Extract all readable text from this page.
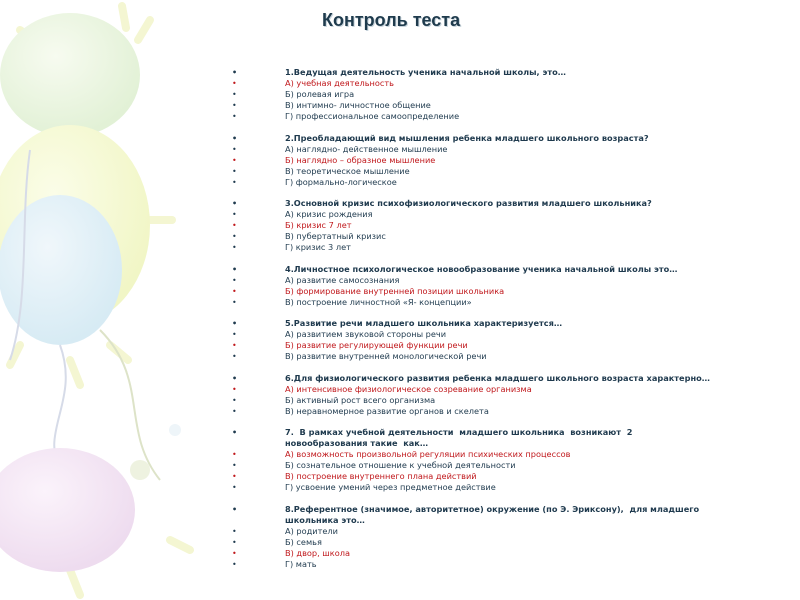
Контроль теста
•	1.Ведущая деятельность ученика начальной школы, это…
•	А) учебная деятельность
•	Б) ролевая игра
•	В) интимно- личностное общение
•	Г) профессиональное самоопределение
•	2.Преобладающий вид мышления ребенка младшего школьного возраста?
•	А) наглядно- действенное мышление
•	Б) наглядно – образное мышление
•	В) теоретическое мышление
•	Г) формально-логическое
•	3.Основной кризис психофизиологического развития младшего школьника?
•	А) кризис рождения
•	Б) кризис 7 лет
•	В) пубертатный кризис
•	Г) кризис 3 лет
•	4.Личностное психологическое новообразование ученика начальной школы это…
•	А) развитие самосознания
•	Б) формирование внутренней позиции школьника
•	В) построение личностной «Я- концепции»
•	5.Развитие речи младшего школьника характеризуется…
•	А) развитием звуковой стороны речи
•	Б) развитие регулирующей функции речи
•	В) развитие внутренней монологической речи
•	6.Для физиологического развития ребенка младшего школьного возраста характерно…
•	А) интенсивное физиологическое созревание организма
•	Б) активный рост всего организма
•	В) неравномерное развитие органов и скелета
•	7.  В рамках учебной деятельности  младшего школьника  возникают  2
новообразования такие  как…
•	А) возможность произвольной регуляции психических процессов
•	Б) сознательное отношение к учебной деятельности
•	В) построение внутреннего плана действий
•	Г) усвоение умений через предметное действие
•	8.Референтное (значимое, авторитетное) окружение (по Э. Эриксону),  для младшего
школьника это…
•	А) родители
•	Б) семья
•	В) двор, школа
•	Г) мать
